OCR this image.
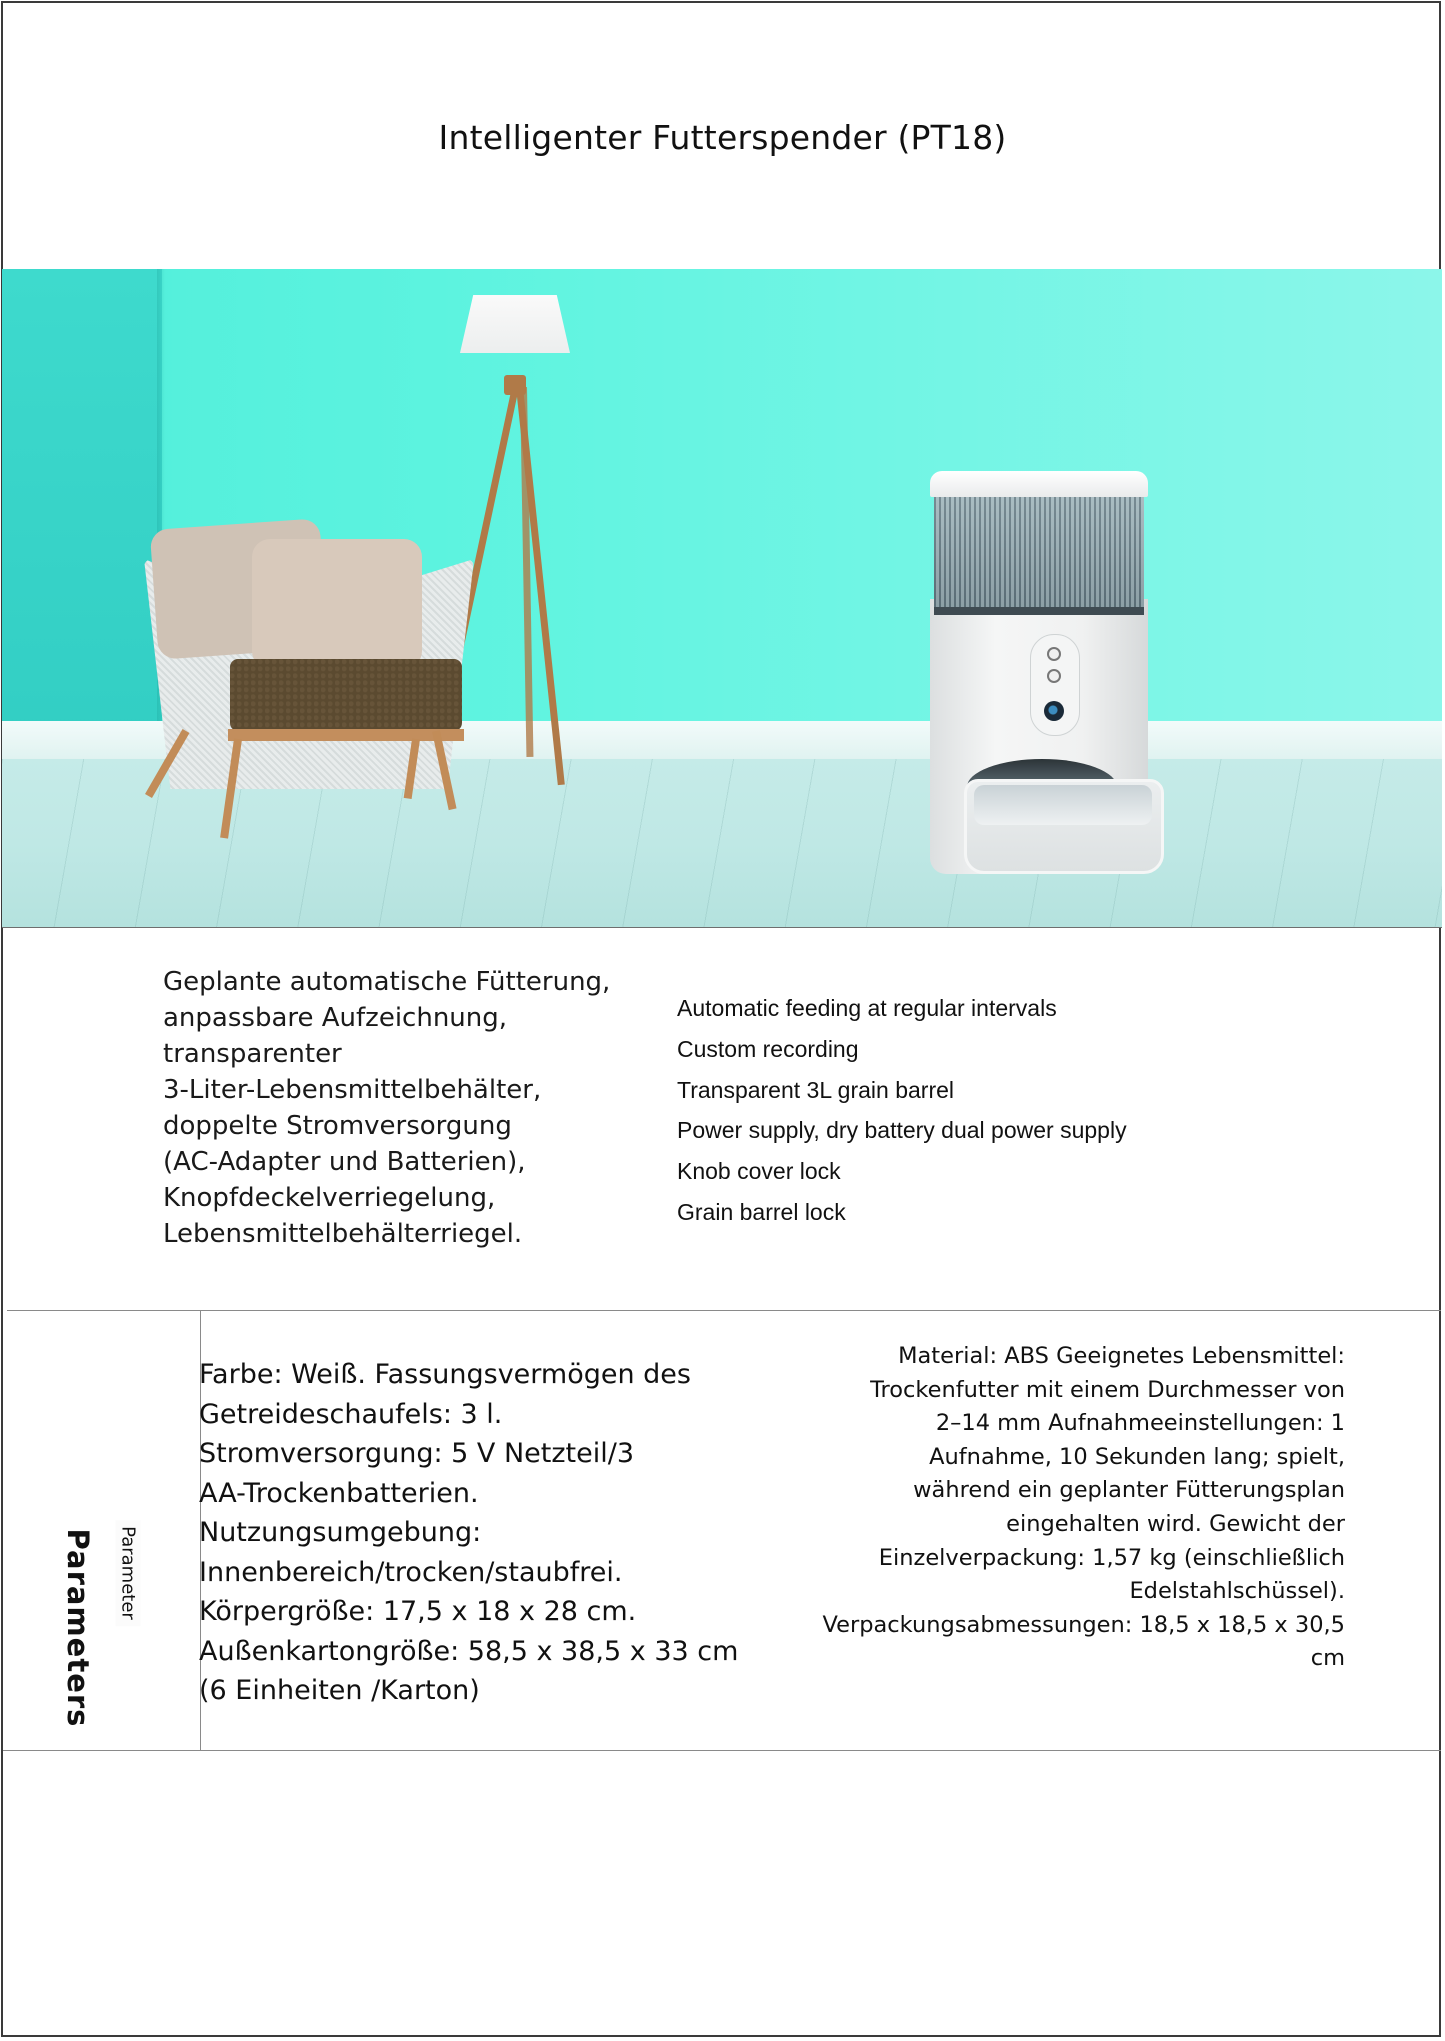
Intelligenter Futterspender (PT18)
Geplante automatische Fütterung,
anpassbare Aufzeichnung,
transparenter
3-Liter-Lebensmittelbehälter,
doppelte Stromversorgung
(AC-Adapter und Batterien),
Knopfdeckelverriegelung,
Lebensmittelbehälterriegel.
Automatic feeding at regular intervals
Custom recording
Transparent 3L grain barrel
Power supply, dry battery dual power supply
Knob cover lock
Grain barrel lock
Parameters Parameter
Farbe: Weiß. Fassungsvermögen des
Getreideschaufels: 3 l.
Stromversorgung: 5 V Netzteil/3
AA-Trockenbatterien.
Nutzungsumgebung:
Innenbereich/trocken/staubfrei.
Körpergröße: 17,5 x 18 x 28 cm.
Außenkartongröße: 58,5 x 38,5 x 33 cm
(6 Einheiten /Karton)
Material: ABS Geeignetes Lebensmittel:
Trockenfutter mit einem Durchmesser von
2–14 mm Aufnahmeeinstellungen: 1
Aufnahme, 10 Sekunden lang; spielt,
während ein geplanter Fütterungsplan
eingehalten wird. Gewicht der
Einzelverpackung: 1,57 kg (einschließlich
Edelstahlschüssel).
Verpackungsabmessungen: 18,5 x 18,5 x 30,5
cm
